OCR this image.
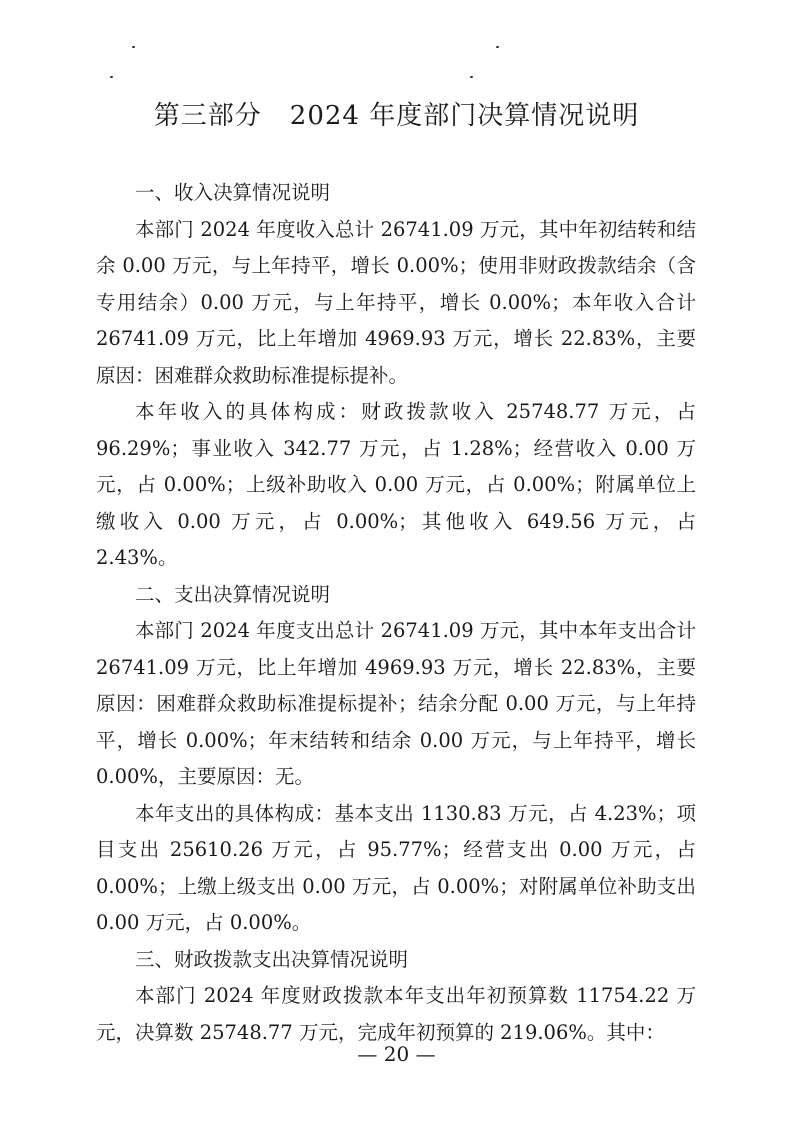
第三部分 2024 年度部门决算情况说明
一、收入决算情况说明

本部门 2024 年度收入总计 26741.09 万元，其中年初结转和结余 0.00 万元，与上年持平，增长 0.00%；使用非财政拨款结余（含专用结余）0.00 万元，与上年持平，增长 0.00%；本年收入合计 26741.09 万元，比上年增加 4969.93 万元，增长 22.83%，主要原因：困难群众救助标准提标提补。

本年收入的具体构成：财政拨款收入 25748.77 万元，占 96.29%；事业收入 342.77 万元，占 1.28%；经营收入 0.00 万元，占 0.00%；上级补助收入 0.00 万元，占 0.00%；附属单位上缴收入 0.00 万元，占 0.00%；其他收入 649.56 万元，占 2.43%。

二、支出决算情况说明

本部门 2024 年度支出总计 26741.09 万元，其中本年支出合计 26741.09 万元，比上年增加 4969.93 万元，增长 22.83%，主要原因：困难群众救助标准提标提补；结余分配 0.00 万元，与上年持平，增长 0.00%；年末结转和结余 0.00 万元，与上年持平，增长 0.00%，主要原因：无。

本年支出的具体构成：基本支出 1130.83 万元，占 4.23%；项目支出 25610.26 万元，占 95.77%；经营支出 0.00 万元，占 0.00%；上缴上级支出 0.00 万元，占 0.00%；对附属单位补助支出 0.00 万元，占 0.00%。

三、财政拨款支出决算情况说明

本部门 2024 年度财政拨款本年支出年初预算数 11754.22 万元，决算数 25748.77 万元，完成年初预算的 219.06%。其中：

— 20 —
